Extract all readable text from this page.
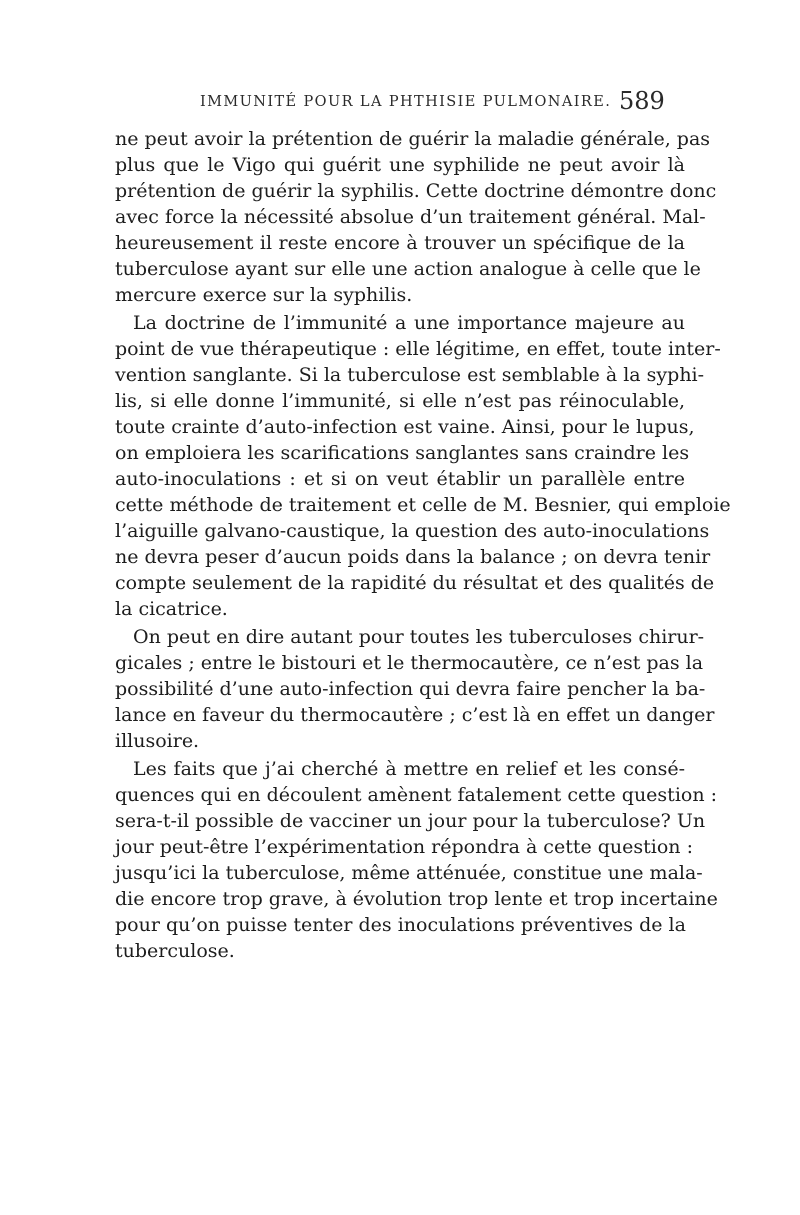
IMMUNITÉ POUR LA PHTHISIE PULMONAIRE. 589
ne peut avoir la prétention de guérir la maladie générale, pas
plus que le Vigo qui guérit une syphilide ne peut avoir là
prétention de guérir la syphilis. Cette doctrine démontre donc
avec force la nécessité absolue d’un traitement général. Mal-
heureusement il reste encore à trouver un spécifique de la
tuberculose ayant sur elle une action analogue à celle que le
mercure exerce sur la syphilis.
La doctrine de l’immunité a une importance majeure au
point de vue thérapeutique : elle légitime, en effet, toute inter-
vention sanglante. Si la tuberculose est semblable à la syphi-
lis, si elle donne l’immunité, si elle n’est pas réinoculable,
toute crainte d’auto-infection est vaine. Ainsi, pour le lupus,
on emploiera les scarifications sanglantes sans craindre les
auto-inoculations : et si on veut établir un parallèle entre
cette méthode de traitement et celle de M. Besnier, qui emploie
l’aiguille galvano-caustique, la question des auto-inoculations
ne devra peser d’aucun poids dans la balance ; on devra tenir
compte seulement de la rapidité du résultat et des qualités de
la cicatrice.
On peut en dire autant pour toutes les tuberculoses chirur-
gicales ; entre le bistouri et le thermocautère, ce n’est pas la
possibilité d’une auto-infection qui devra faire pencher la ba-
lance en faveur du thermocautère ; c’est là en effet un danger
illusoire.
Les faits que j’ai cherché à mettre en relief et les consé-
quences qui en découlent amènent fatalement cette question :
sera-t-il possible de vacciner un jour pour la tuberculose? Un
jour peut-être l’expérimentation répondra à cette question :
jusqu’ici la tuberculose, même atténuée, constitue une mala-
die encore trop grave, à évolution trop lente et trop incertaine
pour qu’on puisse tenter des inoculations préventives de la
tuberculose.
